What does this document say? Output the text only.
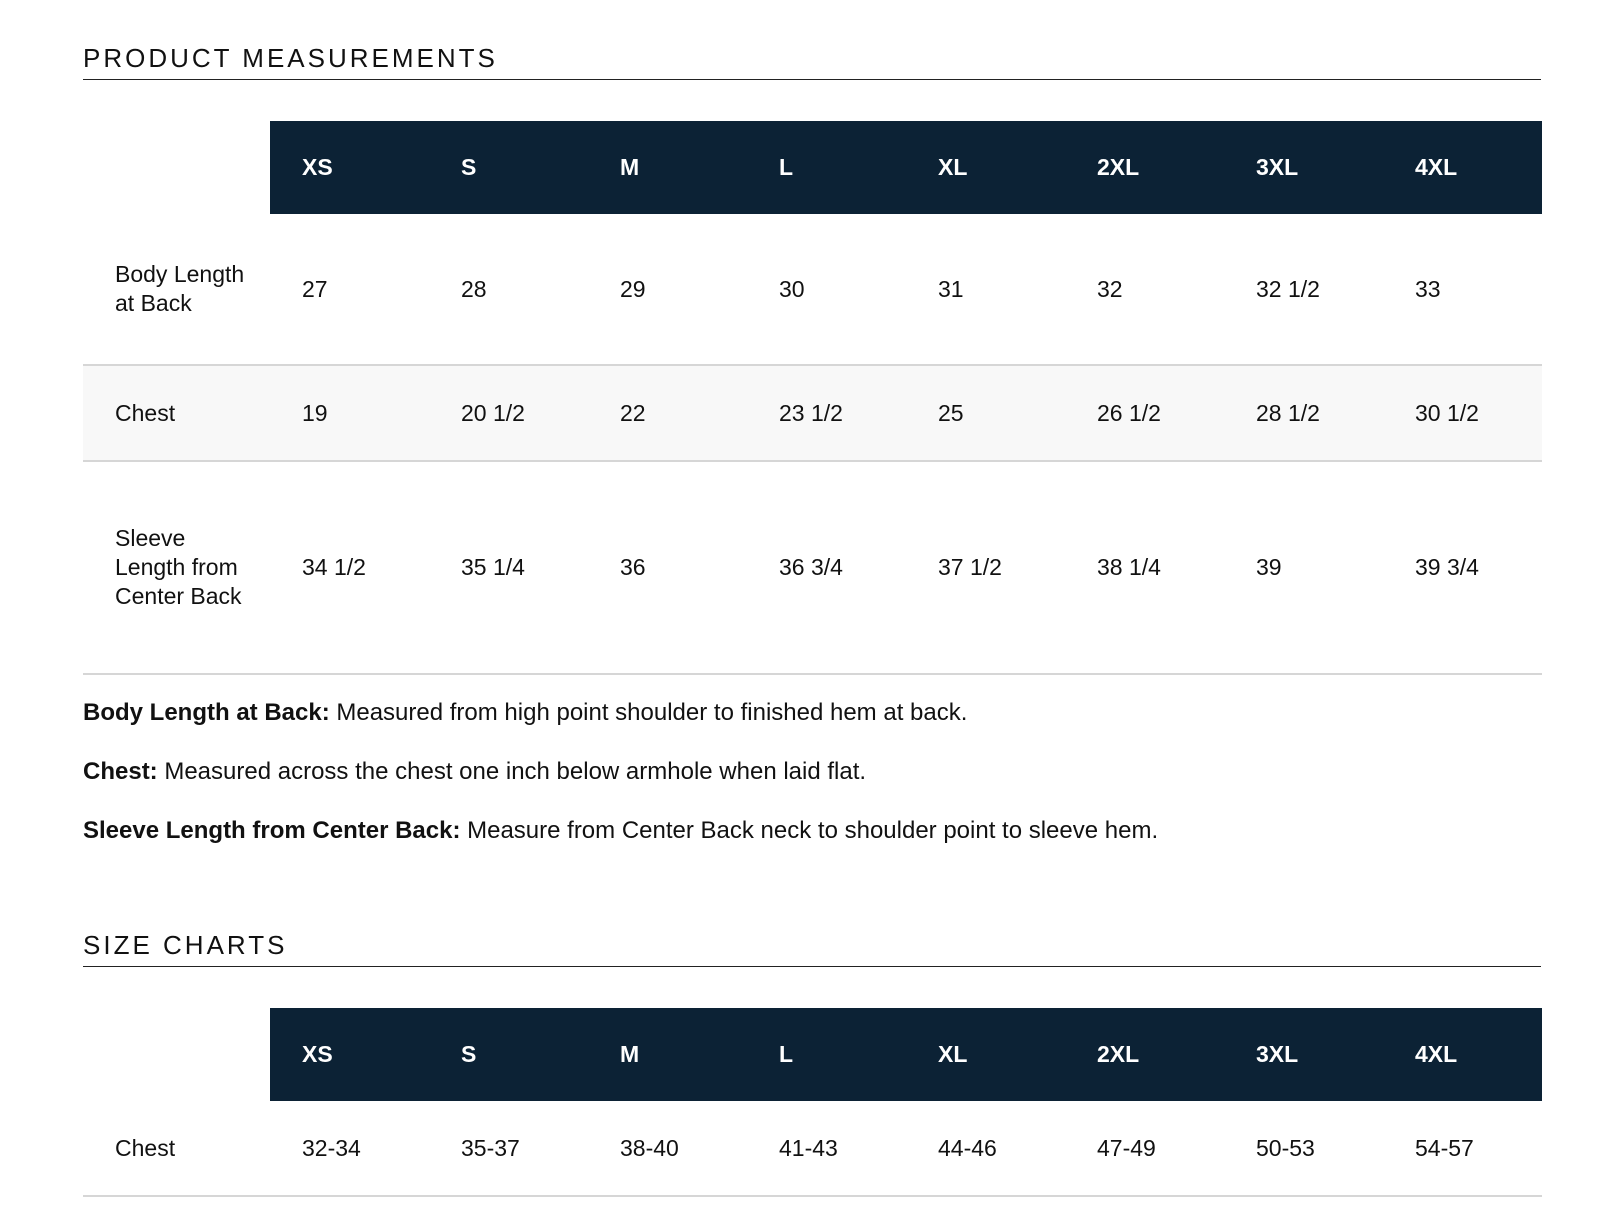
PRODUCT MEASUREMENTS
	XS	S	M	L	XL	2XL	3XL	4XL
Body Length at Back	27	28	29	30	31	32	32 1/2	33
Chest	19	20 1/2	22	23 1/2	25	26 1/2	28 1/2	30 1/2
Sleeve Length from Center Back	34 1/2	35 1/4	36	36 3/4	37 1/2	38 1/4	39	39 3/4

Body Length at Back: Measured from high point shoulder to finished hem at back.

Chest: Measured across the chest one inch below armhole when laid flat.

Sleeve Length from Center Back: Measure from Center Back neck to shoulder point to sleeve hem.

SIZE CHARTS
	XS	S	M	L	XL	2XL	3XL	4XL
Chest	32-34	35-37	38-40	41-43	44-46	47-49	50-53	54-57
